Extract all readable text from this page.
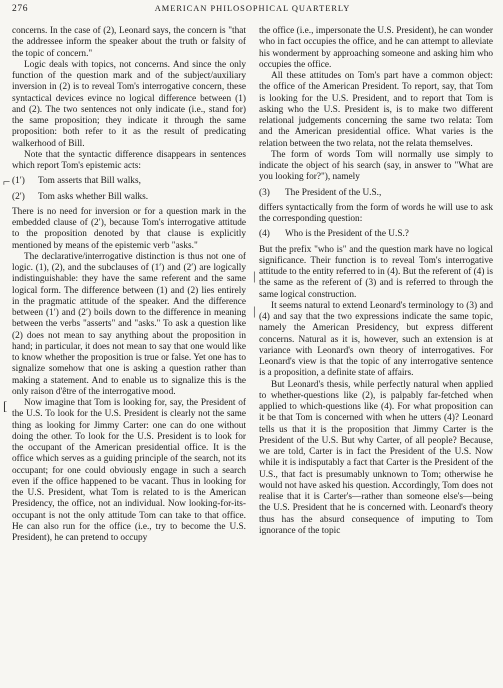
276	AMERICAN PHILOSOPHICAL QUARTERLY

concerns. In the case of (2), Leonard says, the concern is "that the addressee inform the speaker about the truth or falsity of the topic of concern."

Logic deals with topics, not concerns. And since the only function of the question mark and of the subject/auxiliary inversion in (2) is to reveal Tom's interrogative concern, these syntactical devices evince no logical difference between (1) and (2). The two sentences not only indicate (i.e., stand for) the same proposition; they indicate it through the same proposition: both refer to it as the result of predicating walkerhood of Bill.

Note that the syntactic difference disappears in sentences which report Tom's epistemic acts:

(1′) Tom asserts that Bill walks,

(2′) Tom asks whether Bill walks.

There is no need for inversion or for a question mark in the embedded clause of (2′), because Tom's interrogative attitude to the proposition denoted by that clause is explicitly mentioned by means of the epistemic verb "asks."

The declarative/interrogative distinction is thus not one of logic. (1), (2), and the subclauses of (1′) and (2′) are logically indistinguishable: they have the same referent and the same logical form. The difference between (1) and (2) lies entirely in the pragmatic attitude of the speaker. And the difference between (1′) and (2′) boils down to the difference in meaning between the verbs "asserts" and "asks." To ask a question like (2) does not mean to say anything about the proposition in hand; in particular, it does not mean to say that one would like to know whether the proposition is true or false. Yet one has to signalize somehow that one is asking a question rather than making a statement. And to enable us to signalize this is the only raison d'être of the interrogative mood.

Now imagine that Tom is looking for, say, the President of the U.S. To look for the U.S. President is clearly not the same thing as looking for Jimmy Carter: one can do one without doing the other. To look for the U.S. President is to look for the occupant of the American presidential office. It is the office which serves as a guiding principle of the search, not its occupant; for one could obviously engage in such a search even if the office happened to be vacant. Thus in looking for the U.S. President, what Tom is related to is the American Presidency, the office, not an individual. Now looking-for-its-occupant is not the only attitude Tom can take to that office. He can also run for the office (i.e., try to become the U.S. President), he can pretend to occupy

the office (i.e., impersonate the U.S. President), he can wonder who in fact occupies the office, and he can attempt to alleviate his wonderment by approaching someone and asking him who occupies the office.

All these attitudes on Tom's part have a common object: the office of the American President. To report, say, that Tom is looking for the U.S. President, and to report that Tom is asking who the U.S. President is, is to make two different relational judgements concerning the same two relata: Tom and the American presidential office. What varies is the relation between the two relata, not the relata themselves.

The form of words Tom will normally use simply to indicate the object of his search (say, in answer to "What are you looking for?"), namely

(3) The President of the U.S.,

differs syntactically from the form of words he will use to ask the corresponding question:

(4) Who is the President of the U.S.?

But the prefix "who is" and the question mark have no logical significance. Their function is to reveal Tom's interrogative attitude to the entity referred to in (4). But the referent of (4) is the same as the referent of (3) and is referred to through the same logical construction.

It seems natural to extend Leonard's terminology to (3) and (4) and say that the two expressions indicate the same topic, namely the American Presidency, but express different concerns. Natural as it is, however, such an extension is at variance with Leonard's own theory of interrogatives. For Leonard's view is that the topic of any interrogative sentence is a proposition, a definite state of affairs.

But Leonard's thesis, while perfectly natural when applied to whether-questions like (2), is palpably far-fetched when applied to which-questions like (4). For what proposition can it be that Tom is concerned with when he utters (4)? Leonard tells us that it is the proposition that Jimmy Carter is the President of the U.S. But why Carter, of all people? Because, we are told, Carter is in fact the President of the U.S. Now while it is indisputably a fact that Carter is the President of the U.S., that fact is presumably unknown to Tom; otherwise he would not have asked his question. Accordingly, Tom does not realise that it is Carter's—rather than someone else's—being the U.S. President that he is concerned with. Leonard's theory thus has the absurd consequence of imputing to Tom ignorance of the topic

⌐
[
|
|
